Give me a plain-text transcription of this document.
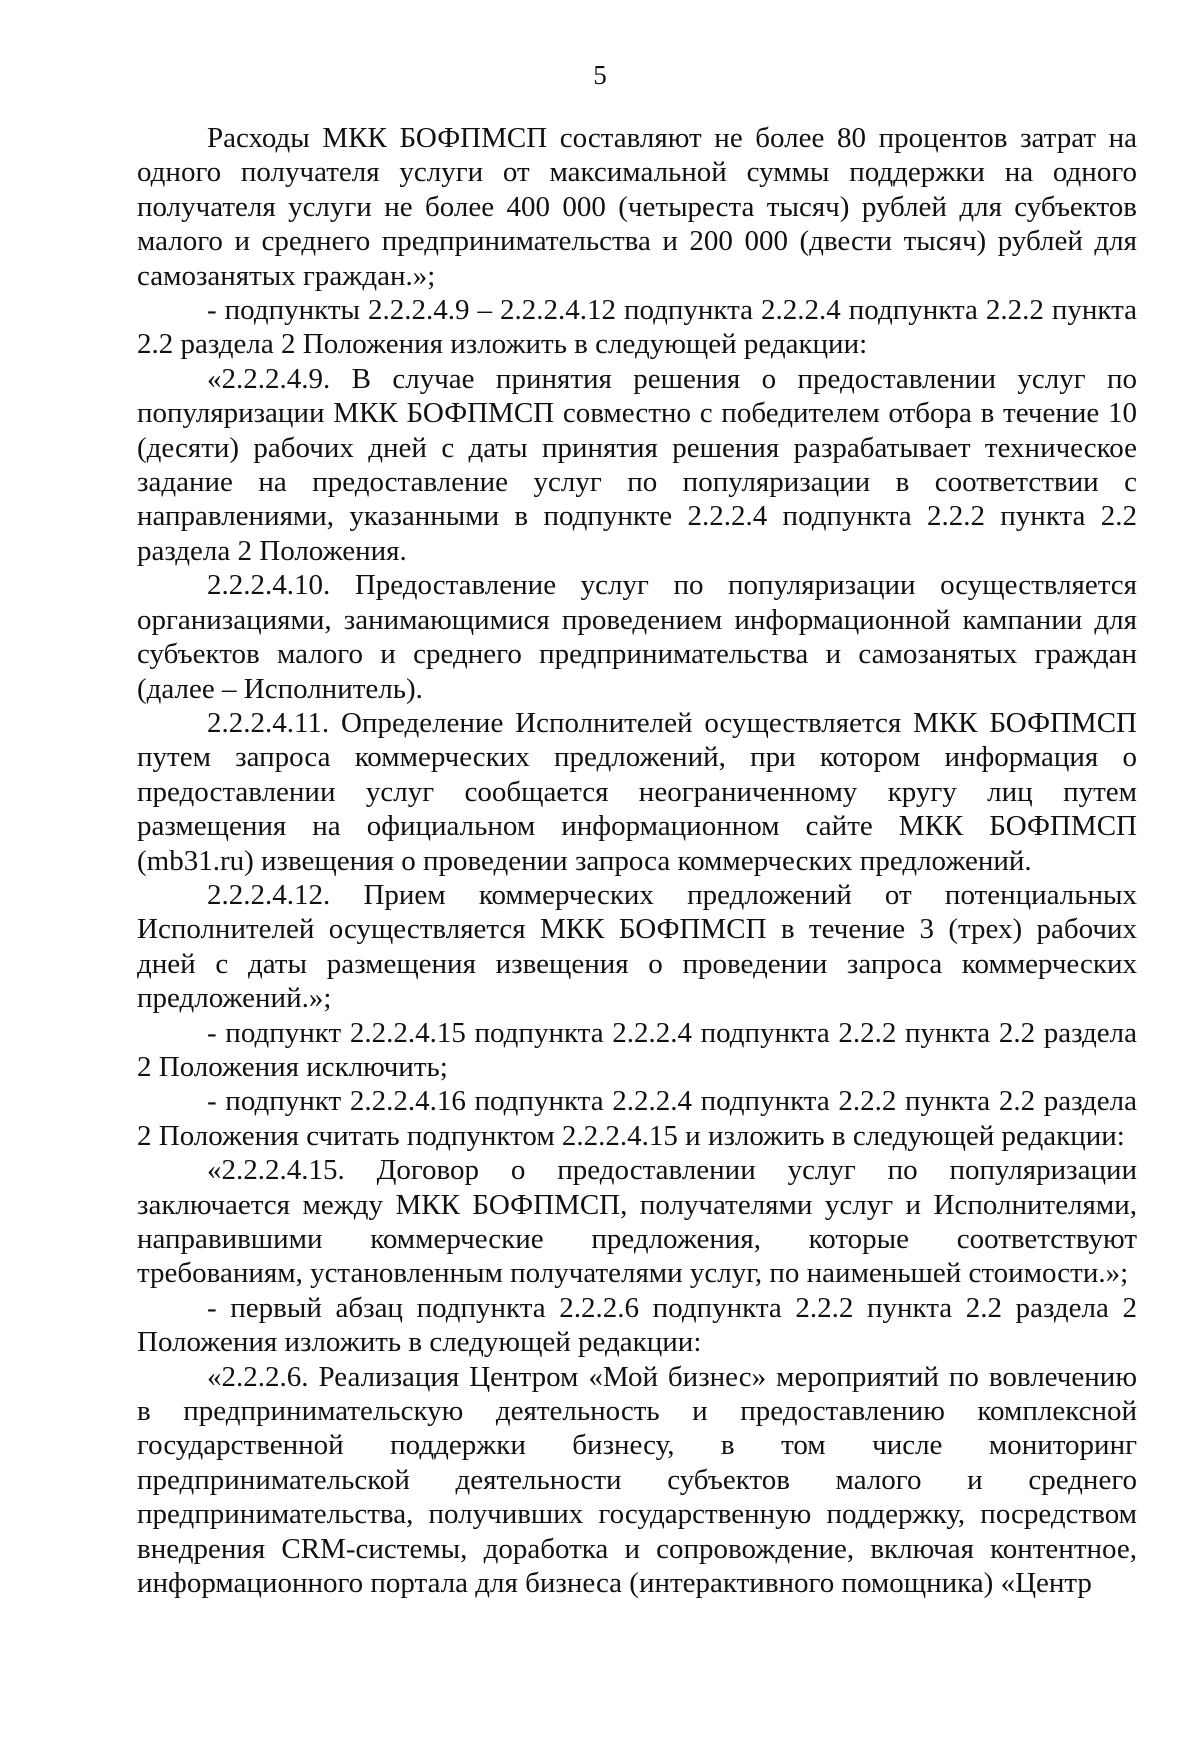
5

Расходы МКК БОФПМСП составляют не более 80 процентов затрат на одного получателя услуги от максимальной суммы поддержки на одного получателя услуги не более 400 000 (четыреста тысяч) рублей для субъектов малого и среднего предпринимательства и 200 000 (двести тысяч) рублей для самозанятых граждан.»;

- подпункты 2.2.2.4.9 – 2.2.2.4.12 подпункта 2.2.2.4 подпункта 2.2.2 пункта 2.2 раздела 2 Положения изложить в следующей редакции:

«2.2.2.4.9. В случае принятия решения о предоставлении услуг по популяризации МКК БОФПМСП совместно с победителем отбора в течение 10 (десяти) рабочих дней с даты принятия решения разрабатывает техническое задание на предоставление услуг по популяризации в соответствии с направлениями, указанными в подпункте 2.2.2.4 подпункта 2.2.2 пункта 2.2 раздела 2 Положения.

2.2.2.4.10. Предоставление услуг по популяризации осуществляется организациями, занимающимися проведением информационной кампании для субъектов малого и среднего предпринимательства и самозанятых граждан (далее – Исполнитель).

2.2.2.4.11. Определение Исполнителей осуществляется МКК БОФПМСП путем запроса коммерческих предложений, при котором информация о предоставлении услуг сообщается неограниченному кругу лиц путем размещения на официальном информационном сайте МКК БОФПМСП (mb31.ru) извещения о проведении запроса коммерческих предложений.

2.2.2.4.12. Прием коммерческих предложений от потенциальных Исполнителей осуществляется МКК БОФПМСП в течение 3 (трех) рабочих дней с даты размещения извещения о проведении запроса коммерческих предложений.»;

- подпункт 2.2.2.4.15 подпункта 2.2.2.4 подпункта 2.2.2 пункта 2.2 раздела 2 Положения исключить;

- подпункт 2.2.2.4.16 подпункта 2.2.2.4 подпункта 2.2.2 пункта 2.2 раздела 2 Положения считать подпунктом 2.2.2.4.15 и изложить в следующей редакции:

«2.2.2.4.15. Договор о предоставлении услуг по популяризации заключается между МКК БОФПМСП, получателями услуг и Исполнителями, направившими коммерческие предложения, которые соответствуют требованиям, установленным получателями услуг, по наименьшей стоимости.»;

- первый абзац подпункта 2.2.2.6 подпункта 2.2.2 пункта 2.2 раздела 2 Положения изложить в следующей редакции:

«2.2.2.6. Реализация Центром «Мой бизнес» мероприятий по вовлечению в предпринимательскую деятельность и предоставлению комплексной государственной поддержки бизнесу, в том числе мониторинг предпринимательской деятельности субъектов малого и среднего предпринимательства, получивших государственную поддержку, посредством внедрения CRM-системы, доработка и сопровождение, включая контентное, информационного портала для бизнеса (интерактивного помощника) «Центр
